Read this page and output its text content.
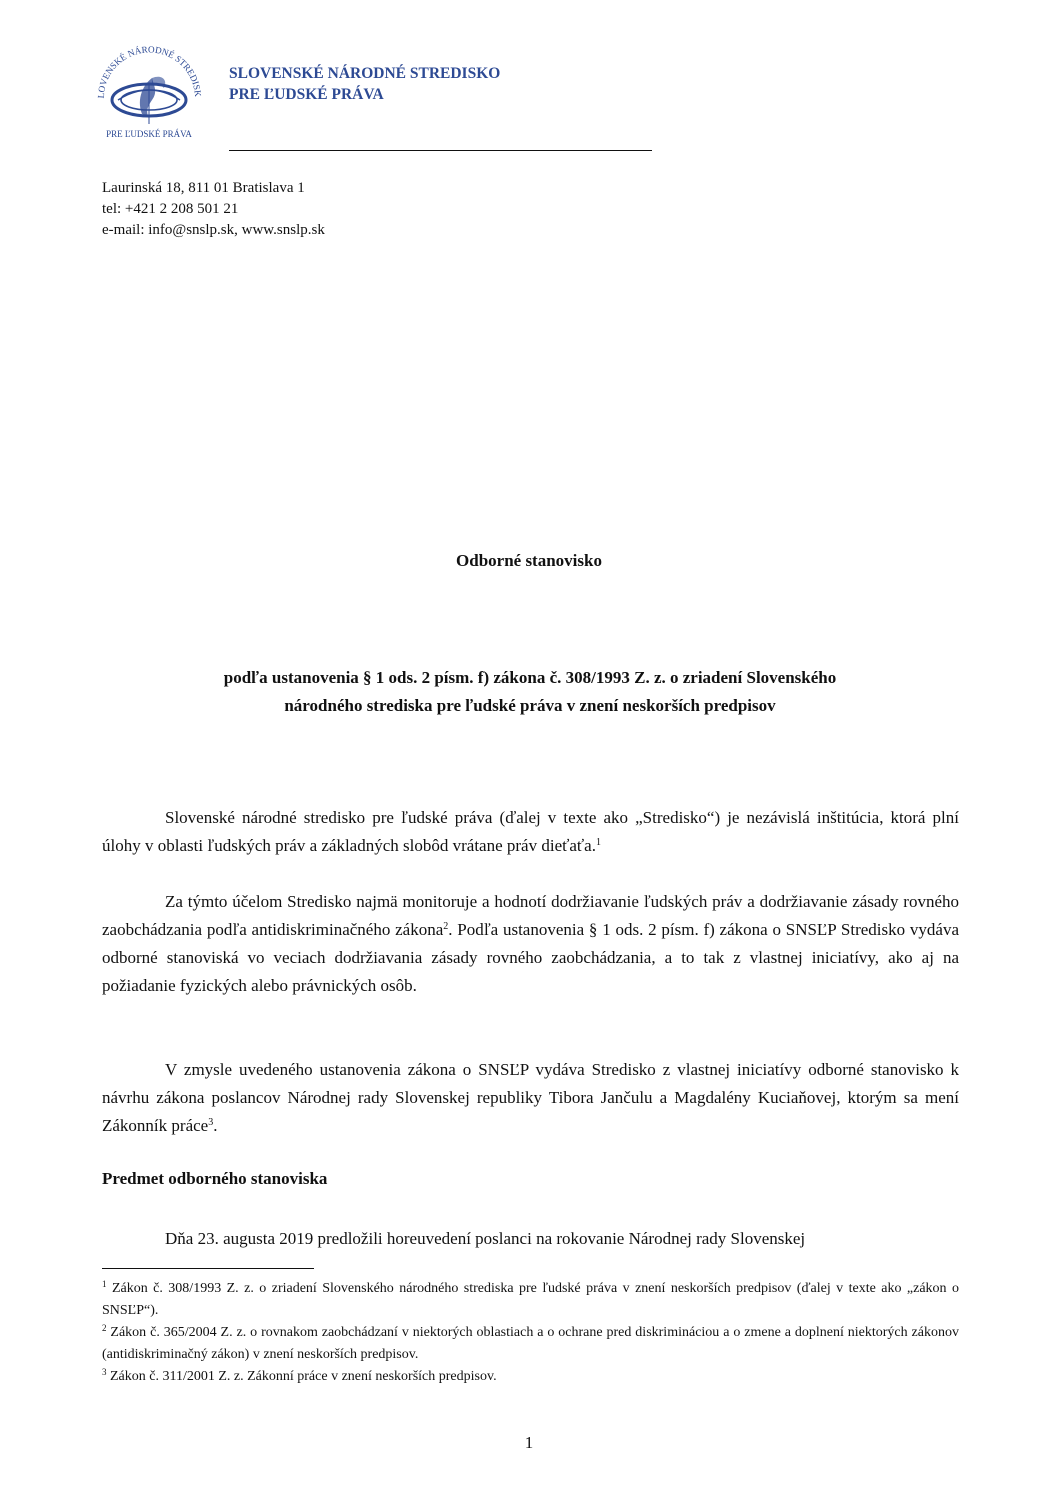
LOVENSKÉ NÁRODNÉ STREDISK
PRE ĽUDSKÉ PRÁVA
SLOVENSKÉ NÁRODNÉ STREDISKO
PRE ĽUDSKÉ PRÁVA
Laurinská 18, 811 01 Bratislava 1
tel: +421 2 208 501 21
e-mail: info@snslp.sk, www.snslp.sk
Odborné stanovisko
podľa ustanovenia § 1 ods. 2 písm. f) zákona č. 308/1993 Z. z. o zriadení Slovenského
národného strediska pre ľudské práva v znení neskorších predpisov

Slovenské národné stredisko pre ľudské práva (ďalej v texte ako „Stredisko“) je nezávislá inštitúcia, ktorá plní úlohy v oblasti ľudských práv a základných slobôd vrátane práv dieťaťa.$^1$

Za týmto účelom Stredisko najmä monitoruje a hodnotí dodržiavanie ľudských práv a dodržiavanie zásady rovného zaobchádzania podľa antidiskriminačného zákona$^2$. Podľa ustanovenia § 1 ods. 2 písm. f) zákona o SNSĽP Stredisko vydáva odborné stanoviská vo veciach dodržiavania zásady rovného zaobchádzania, a to tak z vlastnej iniciatívy, ako aj na požiadanie fyzických alebo právnických osôb.

V zmysle uvedeného ustanovenia zákona o SNSĽP vydáva Stredisko z vlastnej iniciatívy odborné stanovisko k návrhu zákona poslancov Národnej rady Slovenskej republiky Tibora Jančulu a Magdalény Kuciaňovej, ktorým sa mení Zákonník práce$^3$.

Predmet odborného stanoviska

Dňa 23. augusta 2019 predložili horeuvedení poslanci na rokovanie Národnej rady Slovenskej

$^1$ Zákon č. 308/1993 Z. z. o zriadení Slovenského národného strediska pre ľudské práva v znení neskorších predpisov (ďalej v texte ako „zákon o SNSĽP“).

$^2$ Zákon č. 365/2004 Z. z. o rovnakom zaobchádzaní v niektorých oblastiach a o ochrane pred diskrimináciou a o zmene a doplnení niektorých zákonov (antidiskriminačný zákon) v znení neskorších predpisov.

$^3$ Zákon č. 311/2001 Z. z. Zákonní práce v znení neskorších predpisov.

1
